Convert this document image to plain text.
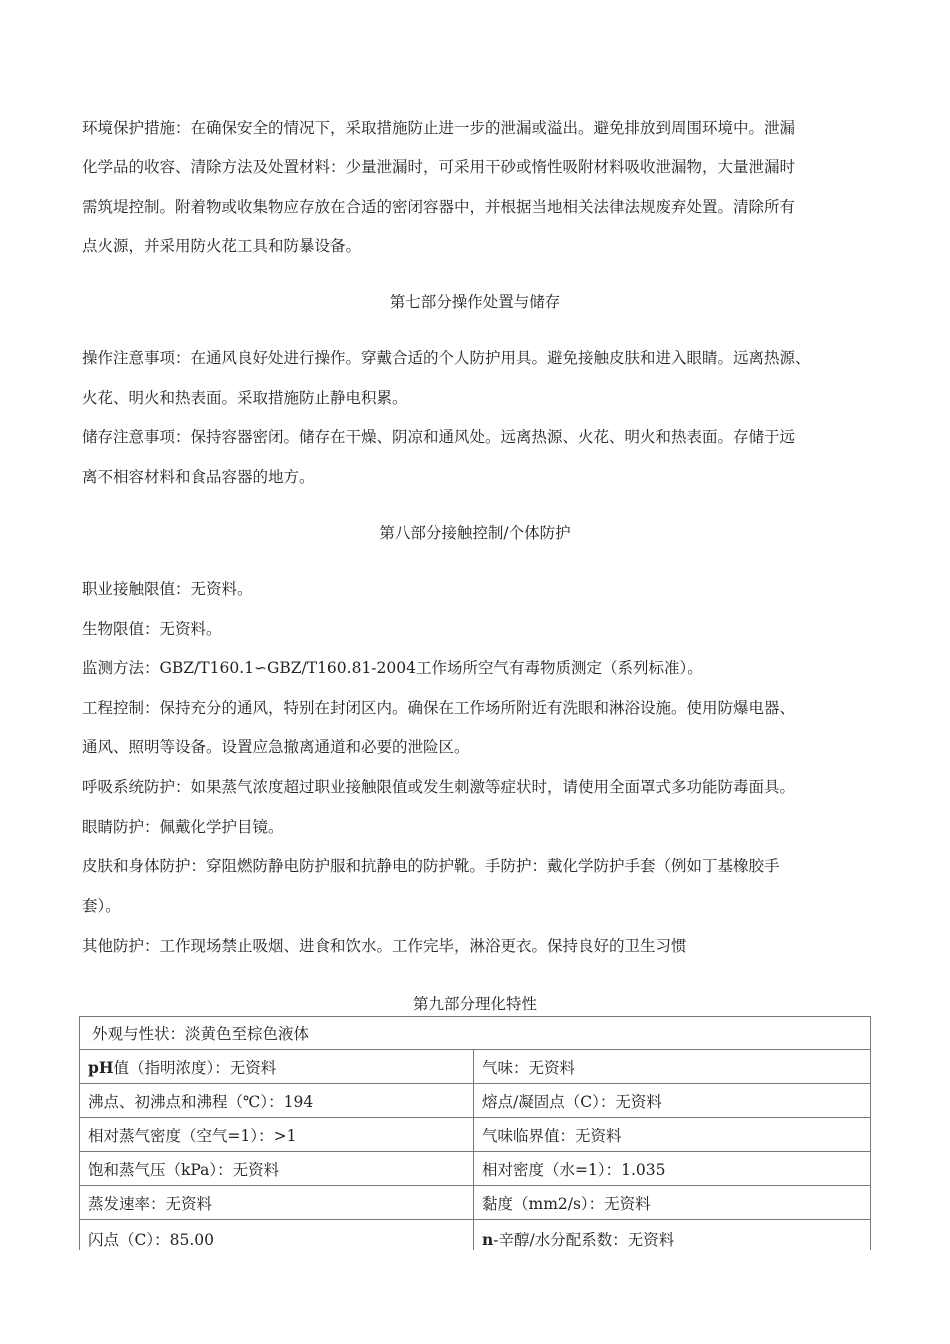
环境保护措施：在确保安全的情况下，采取措施防止进一步的泄漏或溢出。避免排放到周围环境中。泄漏
化学品的收容、清除方法及处置材料：少量泄漏时，可采用干砂或惰性吸附材料吸收泄漏物，大量泄漏时
需筑堤控制。附着物或收集物应存放在合适的密闭容器中，并根据当地相关法律法规废弃处置。清除所有
点火源，并采用防火花工具和防暴设备。
第七部分操作处置与储存
操作注意事项：在通风良好处进行操作。穿戴合适的个人防护用具。避免接触皮肤和进入眼睛。远离热源、
火花、明火和热表面。采取措施防止静电积累。
储存注意事项：保持容器密闭。储存在干燥、阴凉和通风处。远离热源、火花、明火和热表面。存储于远
离不相容材料和食品容器的地方。
第八部分接触控制/个体防护
职业接触限值：无资料。
生物限值：无资料。
监测方法：GBZ/T160.1∽GBZ/T160.81-2004工作场所空气有毒物质测定（系列标准）。
工程控制：保持充分的通风，特别在封闭区内。确保在工作场所附近有洗眼和淋浴设施。使用防爆电器、
通风、照明等设备。设置应急撤离通道和必要的泄险区。
呼吸系统防护：如果蒸气浓度超过职业接触限值或发生刺激等症状时，请使用全面罩式多功能防毒面具。
眼睛防护：佩戴化学护目镜。
皮肤和身体防护：穿阻燃防静电防护服和抗静电的防护靴。手防护：戴化学防护手套（例如丁基橡胶手
套）。
其他防护：工作现场禁止吸烟、进食和饮水。工作完毕，淋浴更衣。保持良好的卫生习惯
第九部分理化特性
外观与性状：淡黄色至棕色液体	
pH值（指明浓度）：无资料	气味：无资料
沸点、初沸点和沸程（℃）：194	熔点/凝固点（C）：无资料
相对蒸气密度（空气=1）：>1	气味临界值：无资料
饱和蒸气压（kPa）：无资料	相对密度（水=1）：1.035
蒸发速率：无资料	黏度（mm2/s）：无资料
闪点（C）：85.00	n-辛醇/水分配系数：无资料
